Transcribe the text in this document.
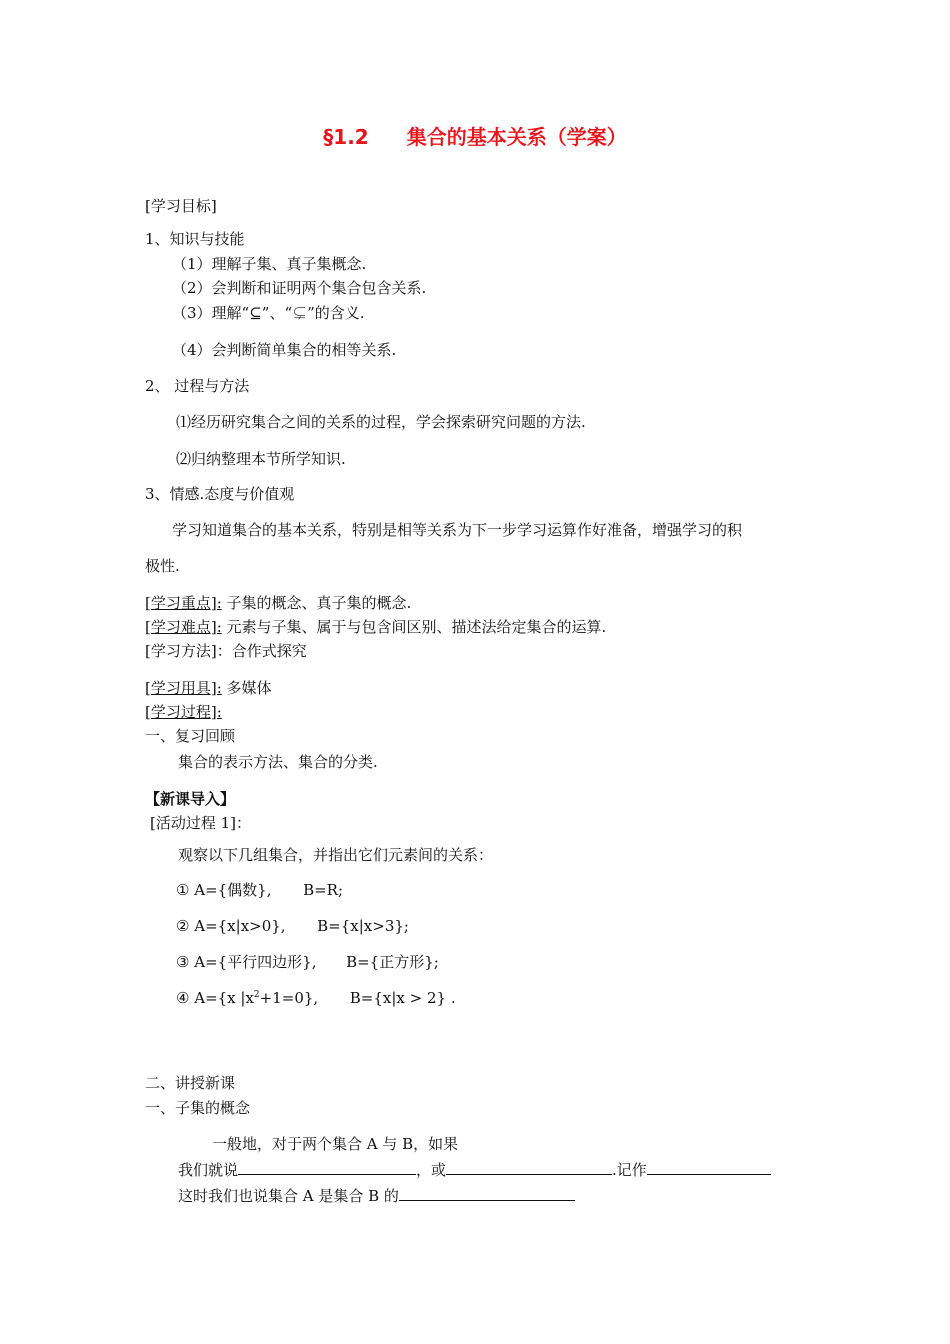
§1.2 集合的基本关系（学案）
[学习目标]
1、知识与技能
（1）理解子集、真子集概念.
（2）会判断和证明两个集合包含关系.
（3）理解“⊆”、“⊊”的含义.
（4）会判断简单集合的相等关系.
2、 过程与方法
⑴经历研究集合之间的关系的过程，学会探索研究问题的方法.
⑵归纳整理本节所学知识.
3、情感.态度与价值观
学习知道集合的基本关系，特别是相等关系为下一步学习运算作好准备，增强学习的积
极性.
[学习重点]: 子集的概念、真子集的概念.
[学习难点]: 元素与子集、属于与包含间区别、描述法给定集合的运算.
[学习方法]：合作式探究
[学习用具]: 多媒体
[学习过程]:
一、复习回顾
集合的表示方法、集合的分类.
【新课导入】
[活动过程 1]：
观察以下几组集合，并指出它们元素间的关系：
① A={偶数}, B=R;
② A={x|x>0}, B={x|x>3};
③ A={平行四边形}, B={正方形};
④ A={x $|x^2+1=0$}, B={x|x > 2} .
二、讲授新课
一、子集的概念
一般地，对于两个集合 A 与 B，如果
我们就说	，或	.记作
这时我们也说集合 A 是集合 B 的
